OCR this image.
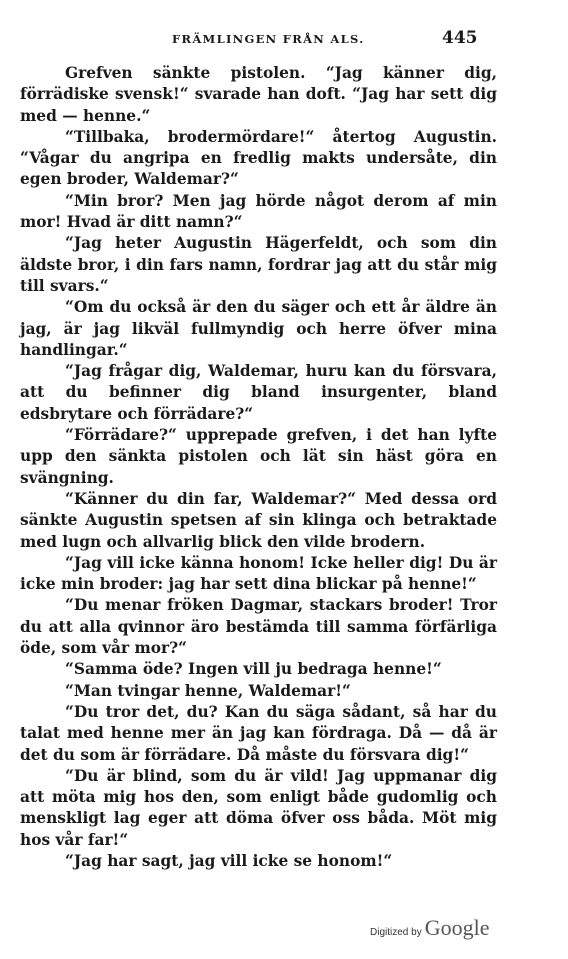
FRÄMLINGEN FRÅN ALS.	445

Grefven sänkte pistolen. “Jag känner dig, förrädiske svensk!“ svarade han doft. “Jag har sett dig med — henne.“

“Tillbaka, brodermördare!“ återtog Augustin. “Vågar du angripa en fredlig makts undersåte, din egen broder, Waldemar?“

“Min bror? Men jag hörde något derom af min mor! Hvad är ditt namn?“

“Jag heter Augustin Hägerfeldt, och som din äldste bror, i din fars namn, fordrar jag att du står mig till svars.“

“Om du också är den du säger och ett år äldre än jag, är jag likväl fullmyndig och herre öfver mina handlingar.“

“Jag frågar dig, Waldemar, huru kan du försvara, att du befinner dig bland insurgenter, bland edsbrytare och förrädare?“

“Förrädare?“ upprepade grefven, i det han lyfte upp den sänkta pistolen och lät sin häst göra en svängning.

“Känner du din far, Waldemar?“ Med dessa ord sänkte Augustin spetsen af sin klinga och betraktade med lugn och allvarlig blick den vilde brodern.

“Jag vill icke känna honom! Icke heller dig! Du är icke min broder: jag har sett dina blickar på henne!“

“Du menar fröken Dagmar, stackars broder! Tror du att alla qvinnor äro bestämda till samma förfärliga öde, som vår mor?“

“Samma öde? Ingen vill ju bedraga henne!“

“Man tvingar henne, Waldemar!“

“Du tror det, du? Kan du säga sådant, så har du talat med henne mer än jag kan fördraga. Då — då är det du som är förrädare. Då måste du försvara dig!“

“Du är blind, som du är vild! Jag uppmanar dig att möta mig hos den, som enligt både gudomlig och menskligt lag eger att döma öfver oss båda. Möt mig hos vår far!“

“Jag har sagt, jag vill icke se honom!“

Digitized by Google
